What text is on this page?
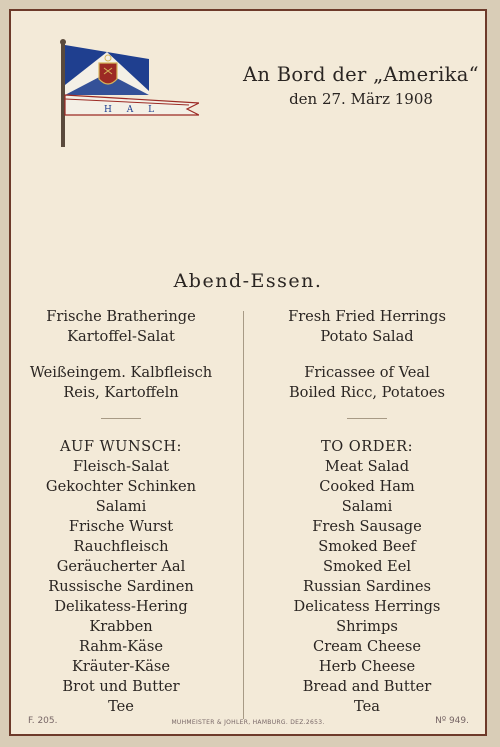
H A L
An Bord der „Amerika“
den 27. März 1908
Abend-Essen.
Frische Bratheringe
Kartoffel-Salat
Weißeingem. Kalbfleisch
Reis, Kartoffeln
AUF WUNSCH:
Fleisch-Salat
Gekochter Schinken
Salami
Frische Wurst
Rauchfleisch
Geräucherter Aal
Russische Sardinen
Delikatess-Hering
Krabben
Rahm-Käse
Kräuter-Käse
Brot und Butter
Tee
Fresh Fried Herrings
Potato Salad
Fricassee of Veal
Boiled Ricc, Potatoes
TO ORDER:
Meat Salad
Cooked Ham
Salami
Fresh Sausage
Smoked Beef
Smoked Eel
Russian Sardines
Delicatess Herrings
Shrimps
Cream Cheese
Herb Cheese
Bread and Butter
Tea
F. 205.	MUHMEISTER & JOHLER, HAMBURG. DEZ.2653.	Nº 949.
